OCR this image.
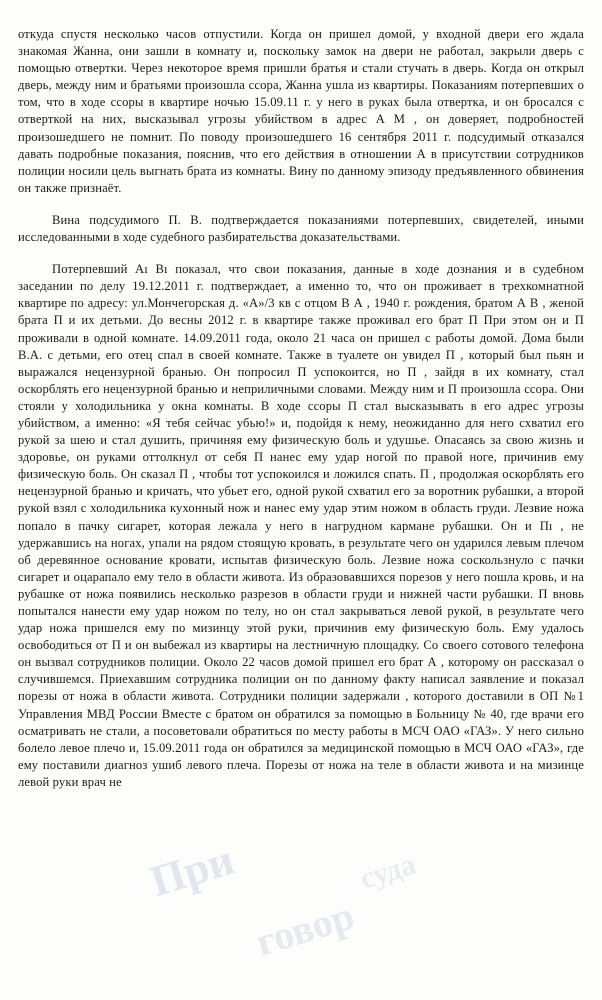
При
говор
суда

откуда спустя несколько часов отпустили. Когда он пришел домой, у входной двери его ждала знакомая Жанна, они зашли в комнату и, поскольку замок на двери не работал, закрыли дверь с помощью отвертки. Через некоторое время пришли братья и стали стучать в дверь. Когда он открыл дверь, между ним и братьями произошла ссора, Жанна ушла из квартиры. Показаниям потерпевших о том, что в ходе ссоры в квартире ночью 15.09.11 г. у него в руках была отвертка, и он бросался с отверткой на них, высказывал угрозы убийством в адрес А М , он доверяет, подробностей произошедшего не помнит. По поводу произошедшего 16 сентября 2011 г. подсудимый отказался давать подробные показания, пояснив, что его действия в отношении А в присутствии сотрудников полиции носили цель выгнать брата из комнаты. Вину по данному эпизоду предъявленного обвинения он также признаёт.

Вина подсудимого П. В. подтверждается показаниями потерпевших, свидетелей, иными исследованными в ходе судебного разбирательства доказательствами.

Потерпевший Аı Вı показал, что свои показания, данные в ходе дознания и в судебном заседании по делу 19.12.2011 г. подтверждает, а именно то, что он проживает в трехкомнатной квартире по адресу: ул.Мончегорская д. «А»/3 кв с отцом В А , 1940 г. рождения, братом А В , женой брата П и их детьми. До весны 2012 г. в квартире также проживал его брат П При этом он и П проживали в одной комнате. 14.09.2011 года, около 21 часа он пришел с работы домой. Дома были В.А. с детьми, его отец спал в своей комнате. Также в туалете он увидел П , который был пьян и выражался нецензурной бранью. Он попросил П успокоится, но П , зайдя в их комнату, стал оскорблять его нецензурной бранью и неприличными словами. Между ним и П произошла ссора. Они стояли у холодильника у окна комнаты. В ходе ссоры П стал высказывать в его адрес угрозы убийством, а именно: «Я тебя сейчас убью!» и, подойдя к нему, неожиданно для него схватил его рукой за шею и стал душить, причиняя ему физическую боль и удушье. Опасаясь за свою жизнь и здоровье, он руками оттолкнул от себя П нанес ему удар ногой по правой ноге, причинив ему физическую боль. Он сказал П , чтобы тот успокоился и ложился спать. П , продолжая оскорблять его нецензурной бранью и кричать, что убьет его, одной рукой схватил его за воротник рубашки, а второй рукой взял с холодильника кухонный нож и нанес ему удар этим ножом в область груди. Лезвие ножа попало в пачку сигарет, которая лежала у него в нагрудном кармане рубашки. Он и Пı , не удержавшись на ногах, упали на рядом стоящую кровать, в результате чего он ударился левым плечом об деревянное основание кровати, испытав физическую боль. Лезвие ножа соскользнуло с пачки сигарет и оцарапало ему тело в области живота. Из образовавшихся порезов у него пошла кровь, и на рубашке от ножа появились несколько разрезов в области груди и нижней части рубашки. П вновь попытался нанести ему удар ножом по телу, но он стал закрываться левой рукой, в результате чего удар ножа пришелся ему по мизинцу этой руки, причинив ему физическую боль. Ему удалось освободиться от П и он выбежал из квартиры на лестничную площадку. Со своего сотового телефона он вызвал сотрудников полиции. Около 22 часов домой пришел его брат А , которому он рассказал о случившемся. Приехавшим сотрудника полиции он по данному факту написал заявление и показал порезы от ножа в области живота. Сотрудники полиции задержали , которого доставили в ОП №1 Управления МВД России Вместе с братом он обратился за помощью в Больницу № 40, где врачи его осматривать не стали, а посоветовали обратиться по месту работы в МСЧ ОАО «ГАЗ». У него сильно болело левое плечо и, 15.09.2011 года он обратился за медицинской помощью в МСЧ ОАО «ГАЗ», где ему поставили диагноз ушиб левого плеча. Порезы от ножа на теле в области живота и на мизинце левой руки врач не
